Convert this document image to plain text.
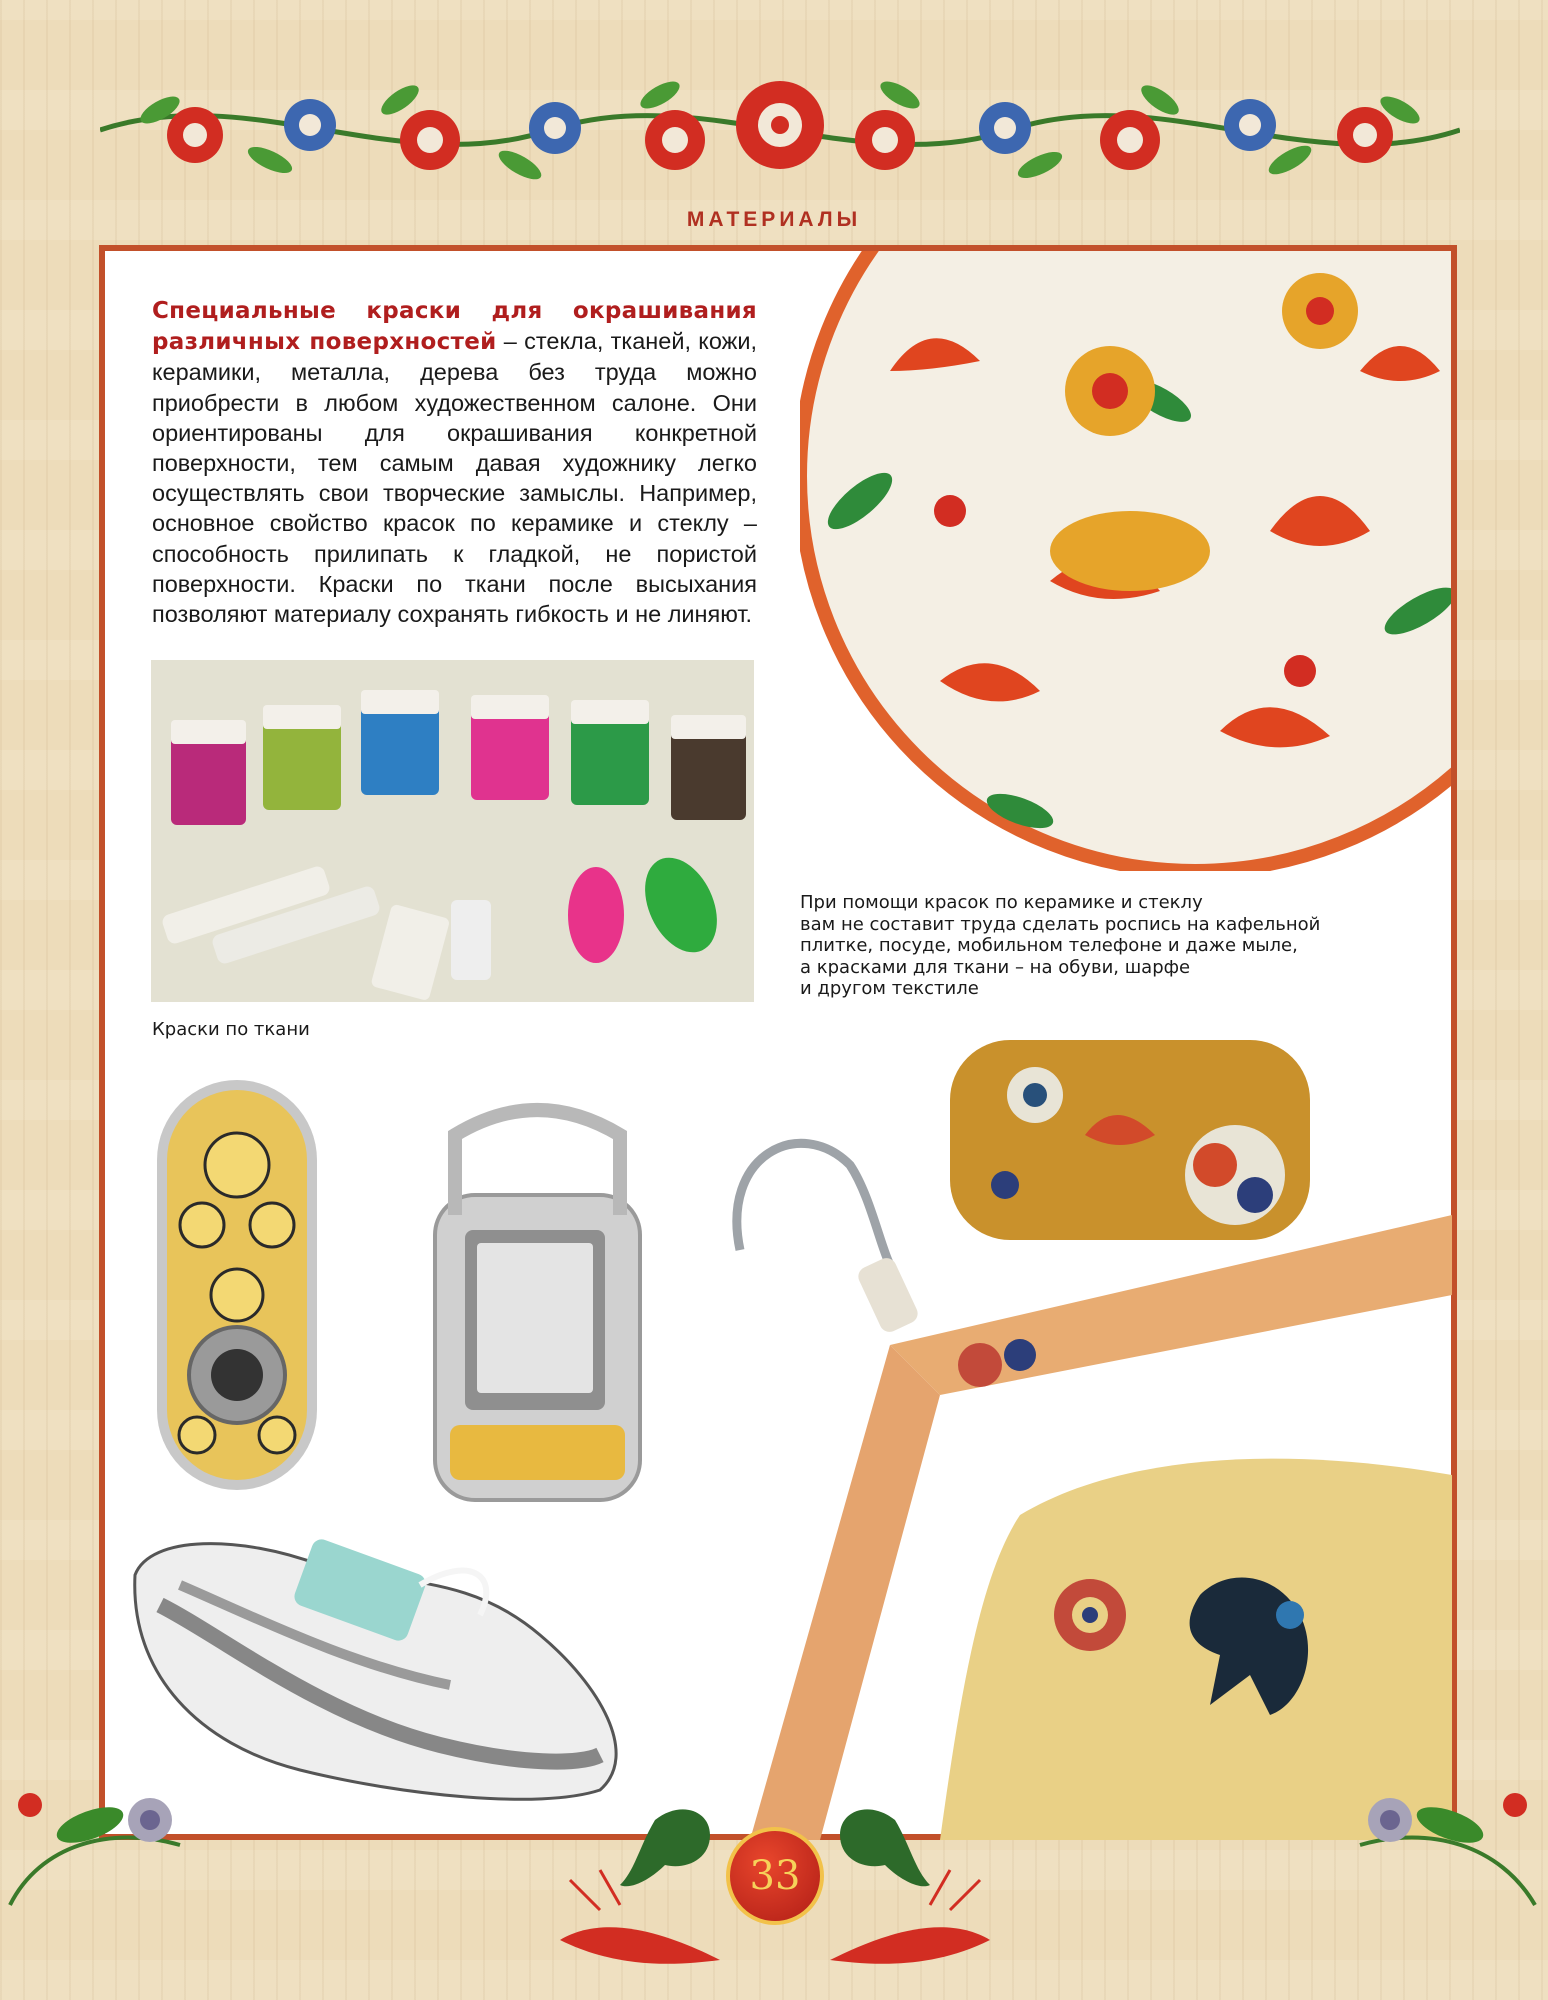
МАТЕРИАЛЫ
Специальные краски для окрашивания различных поверхностей – стекла, тканей, кожи, керамики, металла, дерева без труда можно приобрести в любом художественном салоне. Они ориентированы для окрашивания конкретной поверхности, тем самым давая художнику легко осуществлять свои творческие замыслы. Например, основное свойство красок по керамике и стеклу – способность прилипать к гладкой, не пористой поверхности. Краски по ткани после высыхания позволяют материалу сохранять гибкость и не линяют.
Краски по ткани
При помощи красок по керамике и стеклу
вам не составит труда сделать роспись на кафельной
плитке, посуде, мобильном телефоне и даже мыле,
а красками для ткани – на обуви, шарфе
и другом текстиле
33
